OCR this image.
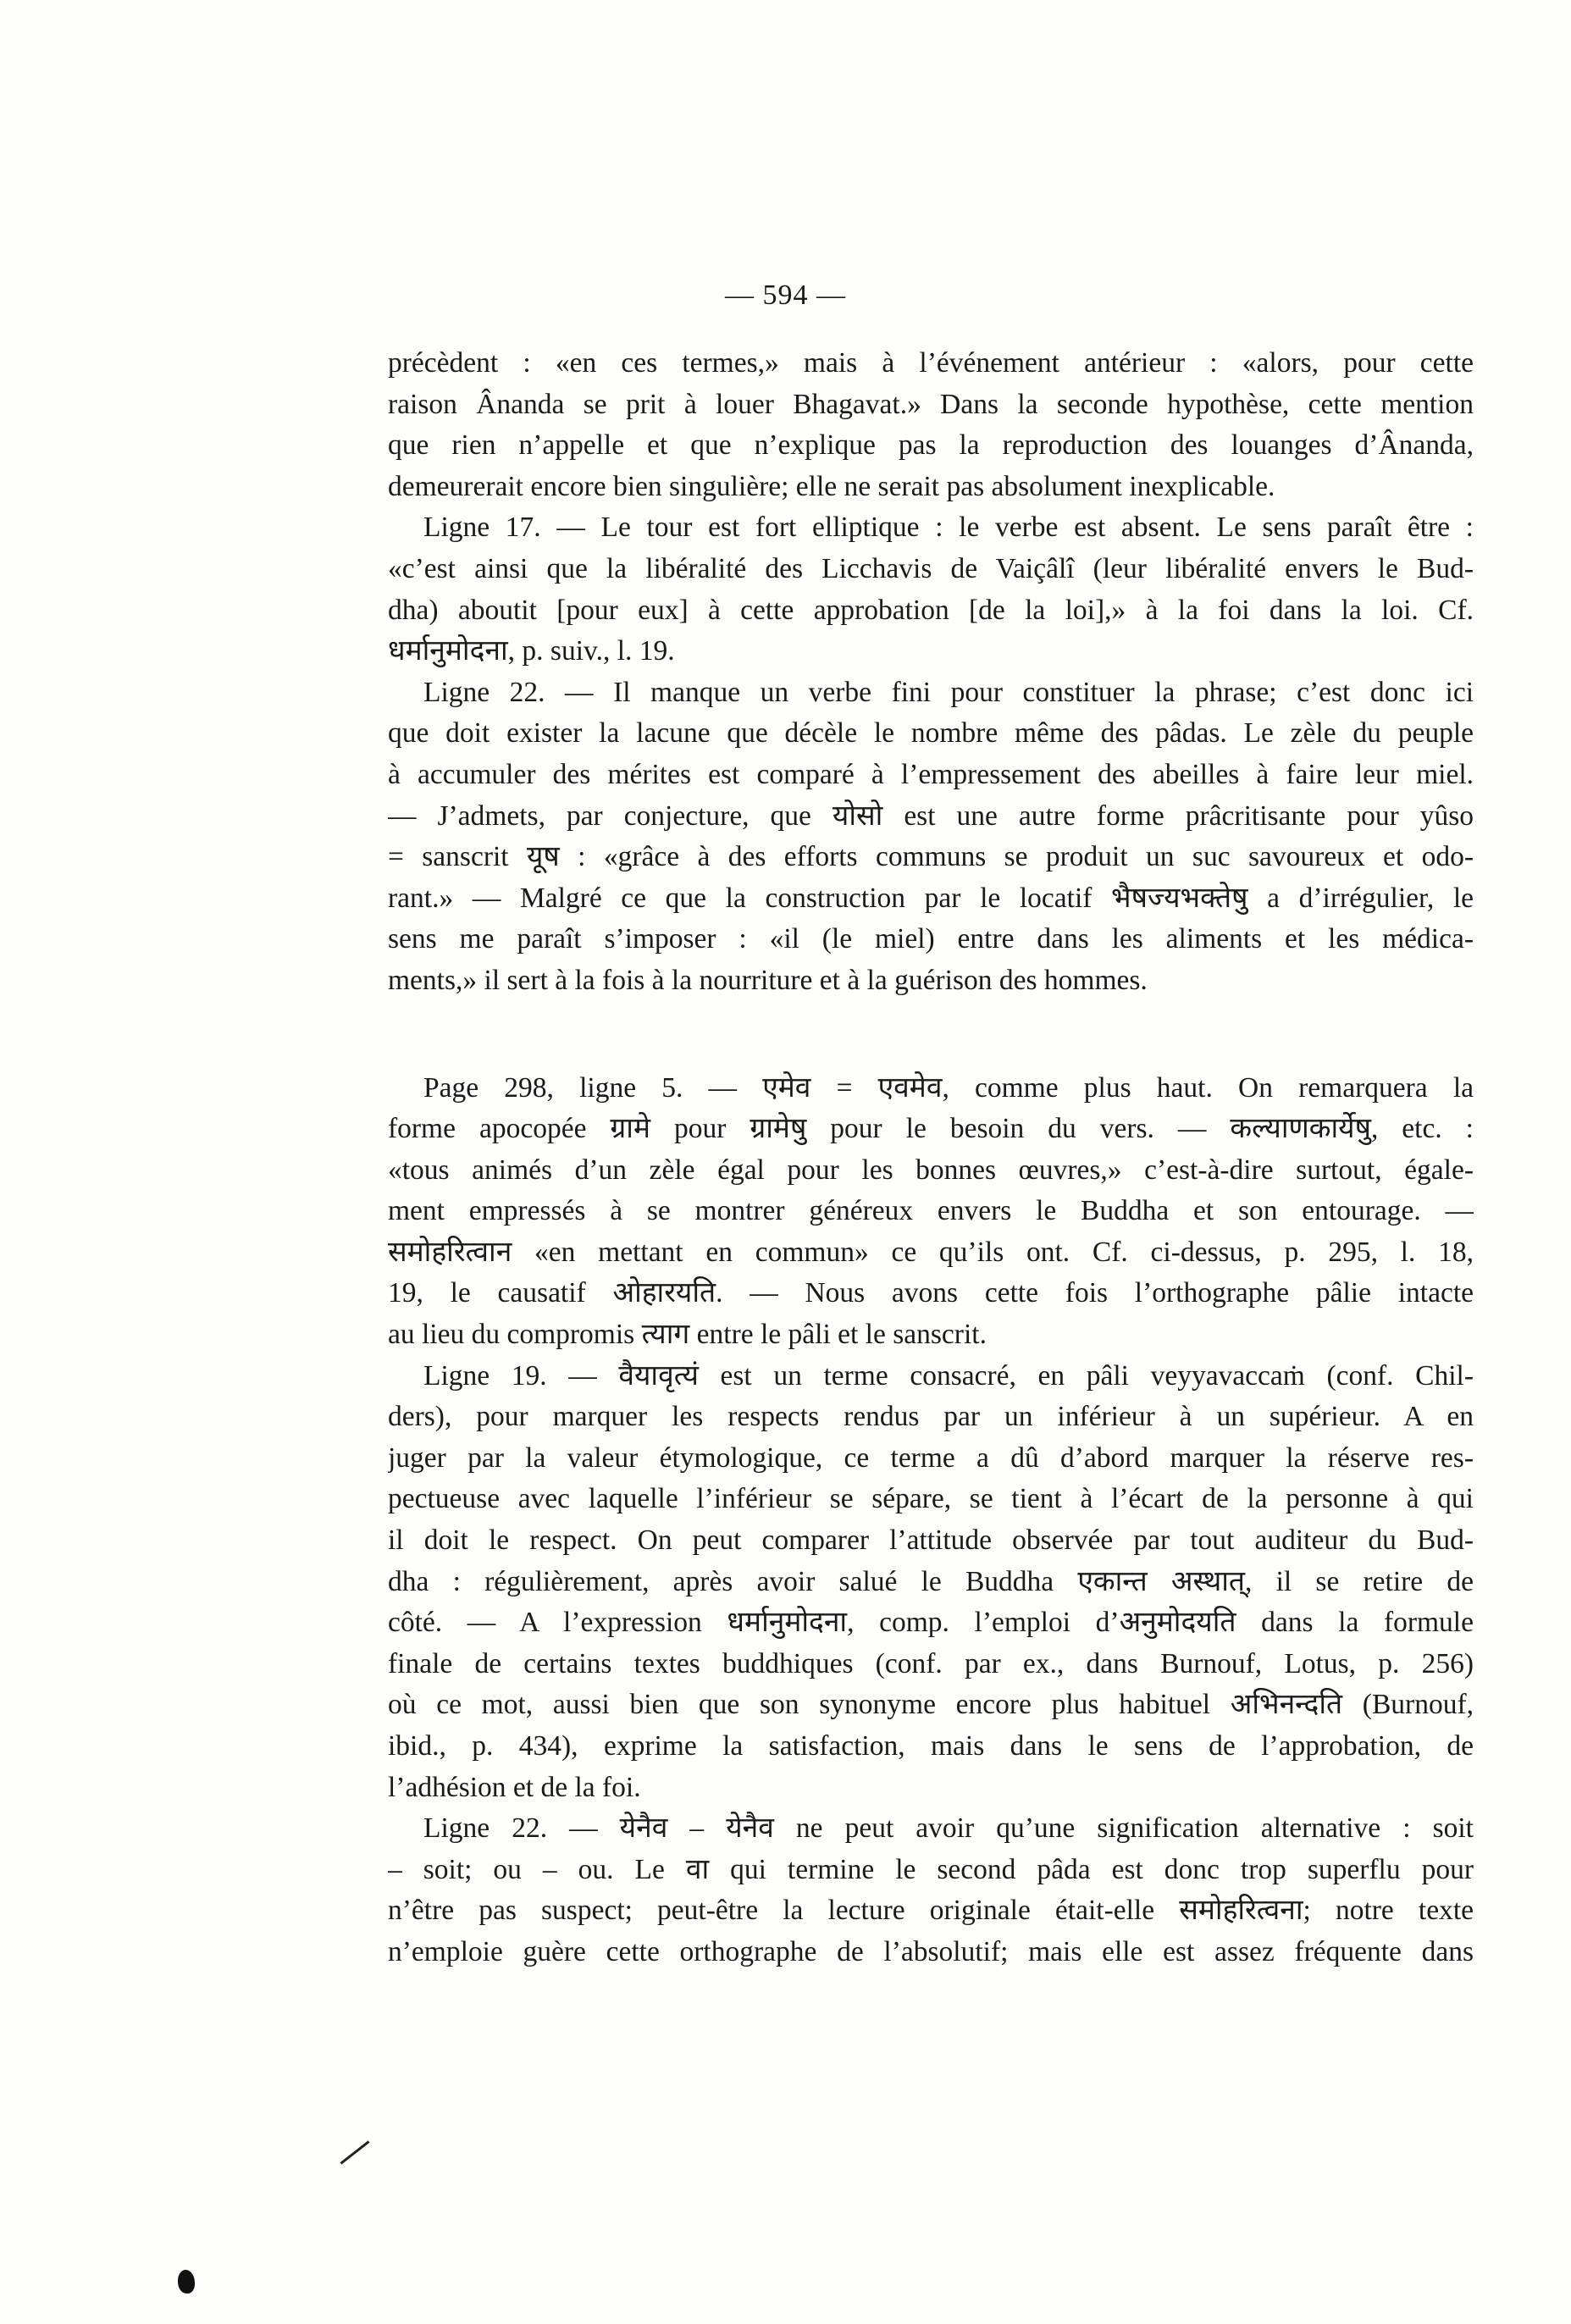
— 594 —
précèdent : «en ces termes,» mais à l’événement antérieur : «alors, pour cette
raison Ânanda se prit à louer Bhagavat.» Dans la seconde hypothèse, cette mention
que rien n’appelle et que n’explique pas la reproduction des louanges d’Ânanda,
demeurerait encore bien singulière; elle ne serait pas absolument inexplicable.
Ligne 17. — Le tour est fort elliptique : le verbe est absent. Le sens paraît être :
«c’est ainsi que la libéralité des Licchavis de Vaiçâlî (leur libéralité envers le Bud-
dha) aboutit [pour eux] à cette approbation [de la loi],» à la foi dans la loi. Cf.
धर्मानुमोदना, p. suiv., l. 19.
Ligne 22. — Il manque un verbe fini pour constituer la phrase; c’est donc ici
que doit exister la lacune que décèle le nombre même des pâdas. Le zèle du peuple
à accumuler des mérites est comparé à l’empressement des abeilles à faire leur miel.
— J’admets, par conjecture, que योसो est une autre forme prâcritisante pour yûso
= sanscrit यूष : «grâce à des efforts communs se produit un suc savoureux et odo-
rant.» — Malgré ce que la construction par le locatif भैषज्यभक्तेषु a d’irrégulier, le
sens me paraît s’imposer : «il (le miel) entre dans les aliments et les médica-
ments,» il sert à la fois à la nourriture et à la guérison des hommes.
Page 298, ligne 5. — एमेव = एवमेव, comme plus haut. On remarquera la
forme apocopée ग्रामे pour ग्रामेषु pour le besoin du vers. — कल्याणकार्येषु, etc. :
«tous animés d’un zèle égal pour les bonnes œuvres,» c’est-à-dire surtout, égale-
ment empressés à se montrer généreux envers le Buddha et son entourage. —
समोहरित्वान «en mettant en commun» ce qu’ils ont. Cf. ci-dessus, p. 295, l. 18,
19, le causatif ओहारयति. — Nous avons cette fois l’orthographe pâlie intacte
au lieu du compromis त्याग entre le pâli et le sanscrit.
Ligne 19. — वैयावृत्यं est un terme consacré, en pâli veyyavaccaṁ (conf. Chil-
ders), pour marquer les respects rendus par un inférieur à un supérieur. A en
juger par la valeur étymologique, ce terme a dû d’abord marquer la réserve res-
pectueuse avec laquelle l’inférieur se sépare, se tient à l’écart de la personne à qui
il doit le respect. On peut comparer l’attitude observée par tout auditeur du Bud-
dha : régulièrement, après avoir salué le Buddha एकान्त अस्थात्, il se retire de
côté. — A l’expression धर्मानुमोदना, comp. l’emploi d’अनुमोदयति dans la formule
finale de certains textes buddhiques (conf. par ex., dans Burnouf, Lotus, p. 256)
où ce mot, aussi bien que son synonyme encore plus habituel अभिनन्दति (Burnouf,
ibid., p. 434), exprime la satisfaction, mais dans le sens de l’approbation, de
l’adhésion et de la foi.
Ligne 22. — येनैव – येनैव ne peut avoir qu’une signification alternative : soit
– soit; ou – ou. Le वा qui termine le second pâda est donc trop superflu pour
n’être pas suspect; peut-être la lecture originale était-elle समोहरित्वना; notre texte
n’emploie guère cette orthographe de l’absolutif; mais elle est assez fréquente dans
